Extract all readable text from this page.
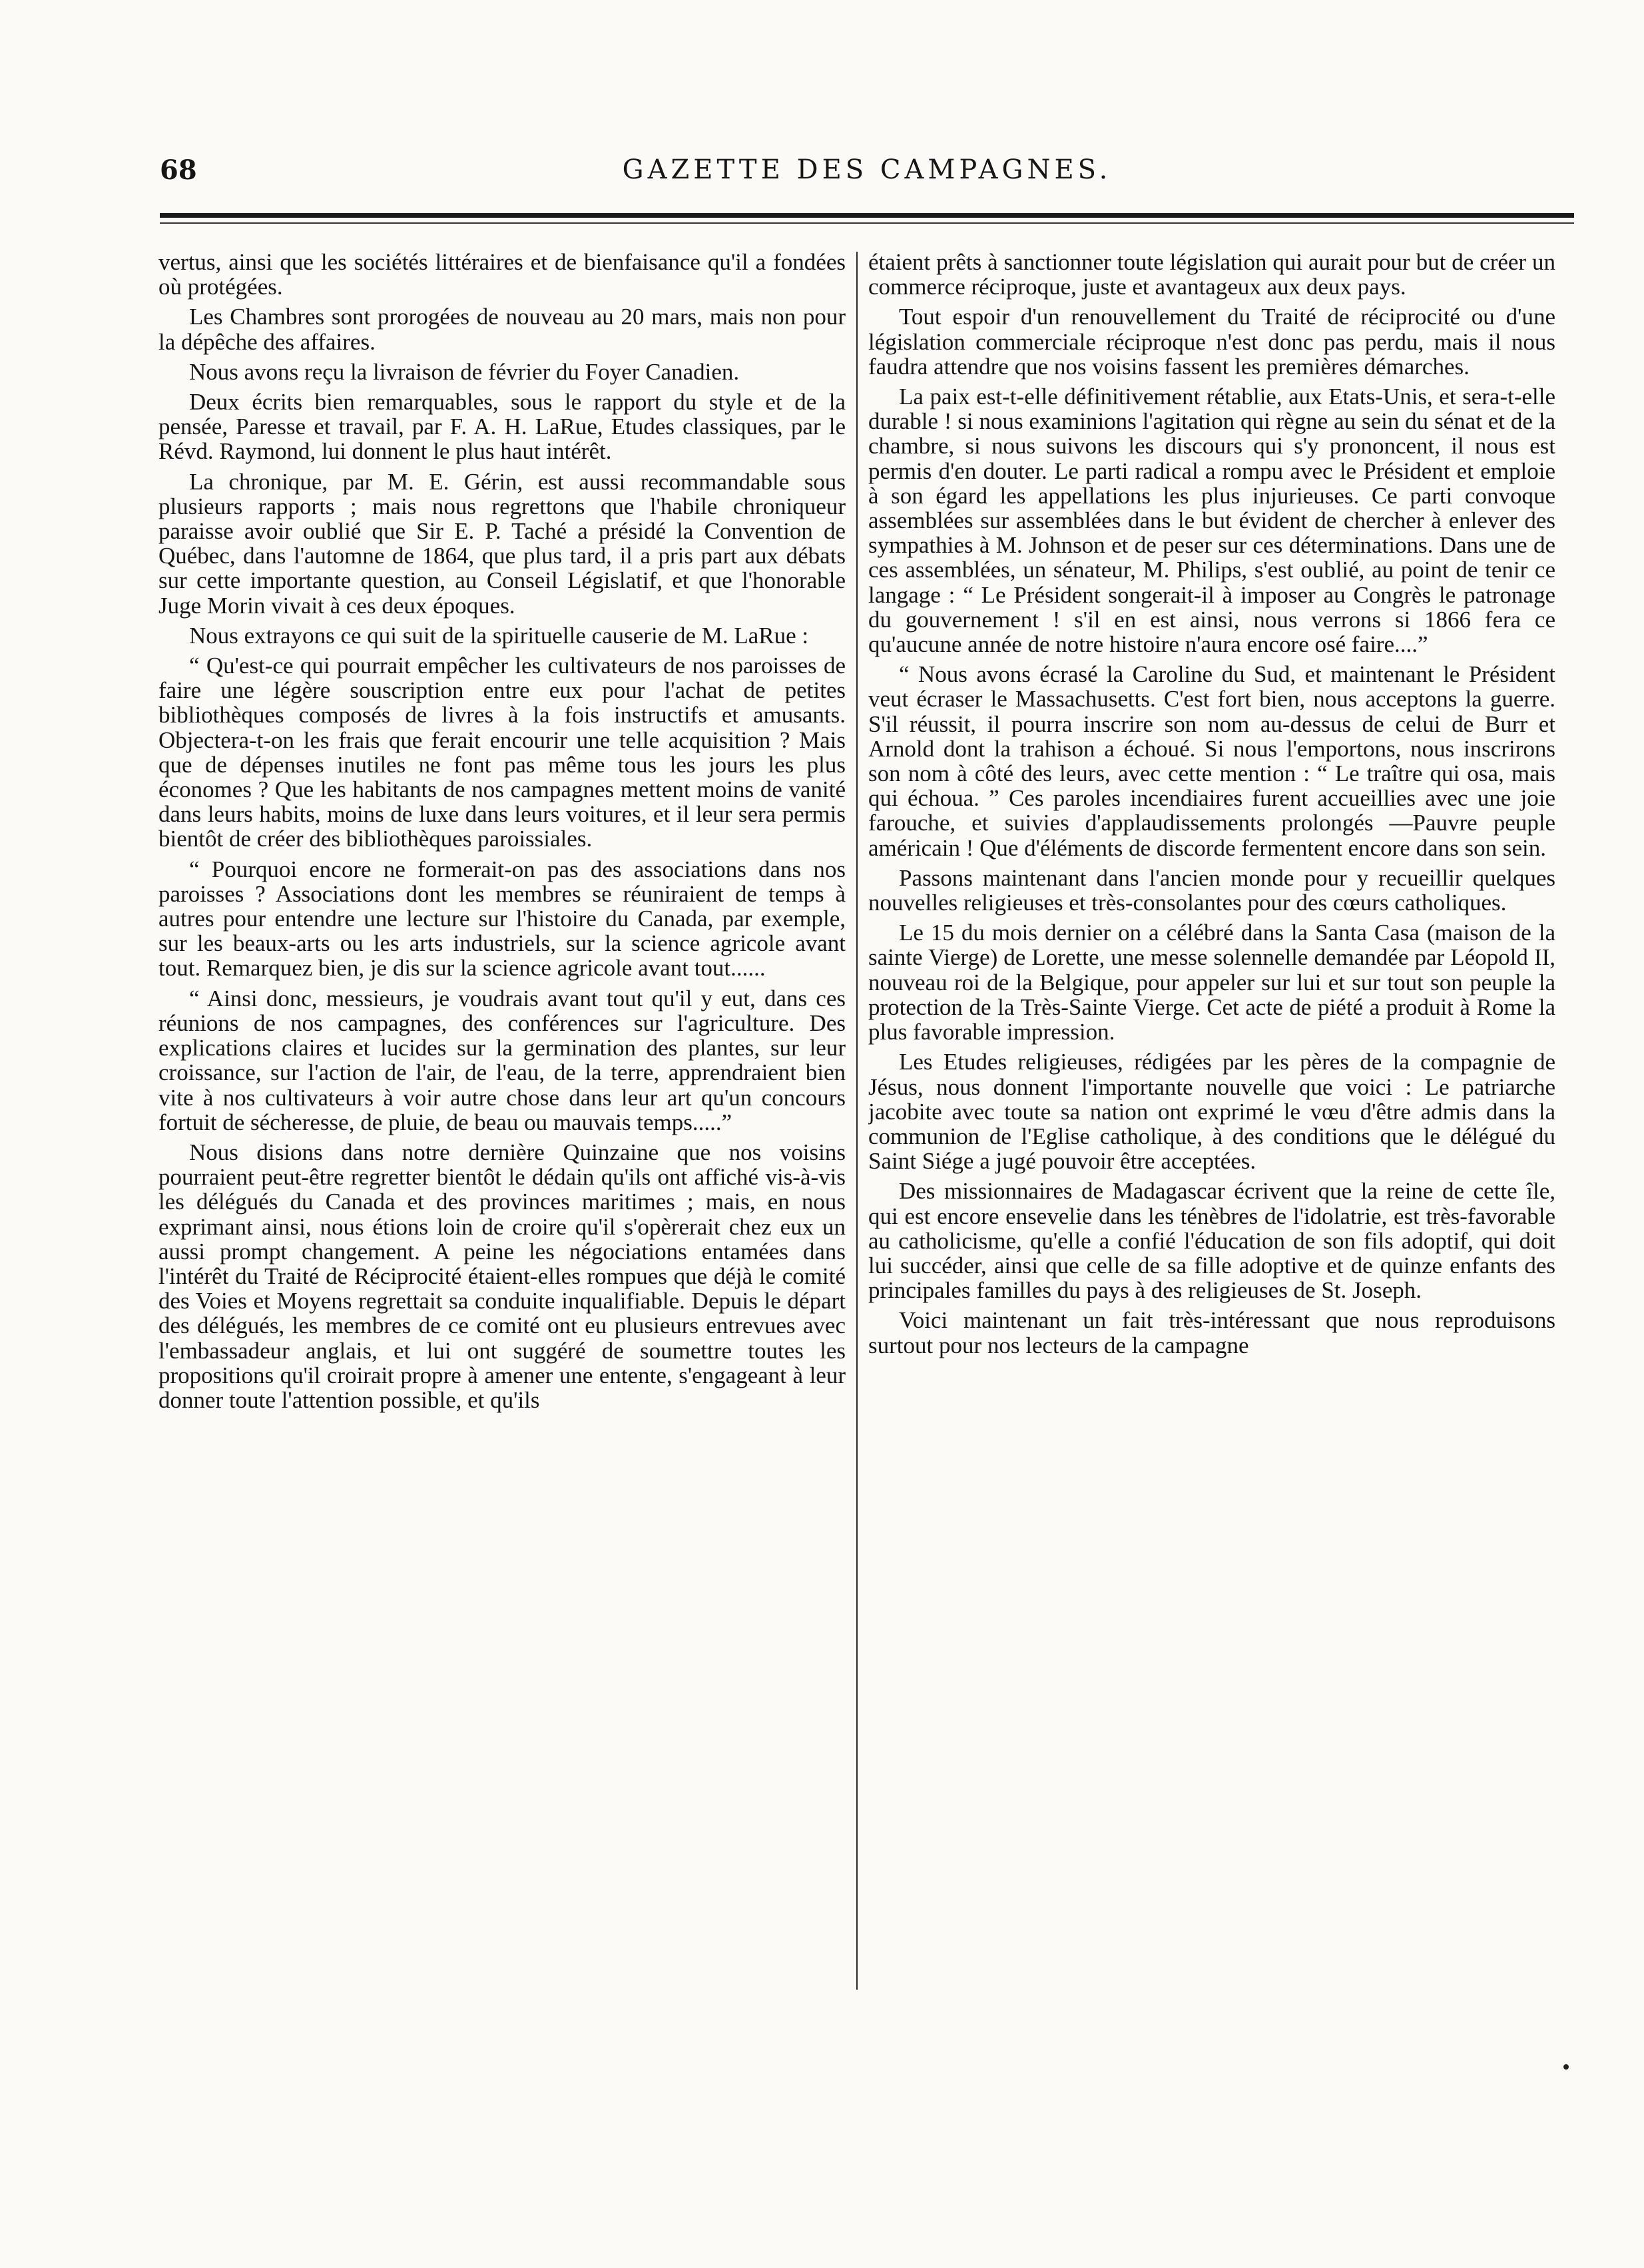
68	GAZETTE DES CAMPAGNES.

vertus, ainsi que les sociétés littéraires et de bienfaisance qu'il a fondées où protégées.

Les Chambres sont prorogées de nouveau au 20 mars, mais non pour la dépêche des affaires.

Nous avons reçu la livraison de février du Foyer Canadien.

Deux écrits bien remarquables, sous le rapport du style et de la pensée, Paresse et travail, par F. A. H. LaRue, Etudes classiques, par le Révd. Raymond, lui donnent le plus haut intérêt.

La chronique, par M. E. Gérin, est aussi recommandable sous plusieurs rapports ; mais nous regrettons que l'habile chroniqueur paraisse avoir oublié que Sir E. P. Taché a présidé la Convention de Québec, dans l'automne de 1864, que plus tard, il a pris part aux débats sur cette importante question, au Conseil Législatif, et que l'honorable Juge Morin vivait à ces deux époques.

Nous extrayons ce qui suit de la spirituelle causerie de M. LaRue :

“ Qu'est-ce qui pourrait empêcher les cultivateurs de nos paroisses de faire une légère souscription entre eux pour l'achat de petites bibliothèques composés de livres à la fois instructifs et amusants. Objectera-t-on les frais que ferait encourir une telle acquisition ? Mais que de dépenses inutiles ne font pas même tous les jours les plus économes ? Que les habitants de nos campagnes mettent moins de vanité dans leurs habits, moins de luxe dans leurs voitures, et il leur sera permis bientôt de créer des bibliothèques paroissiales.

“ Pourquoi encore ne formerait-on pas des associations dans nos paroisses ? Associations dont les membres se réuniraient de temps à autres pour entendre une lecture sur l'histoire du Canada, par exemple, sur les beaux-arts ou les arts industriels, sur la science agricole avant tout. Remarquez bien, je dis sur la science agricole avant tout......

“ Ainsi donc, messieurs, je voudrais avant tout qu'il y eut, dans ces réunions de nos campagnes, des conférences sur l'agriculture. Des explications claires et lucides sur la germination des plantes, sur leur croissance, sur l'action de l'air, de l'eau, de la terre, apprendraient bien vite à nos cultivateurs à voir autre chose dans leur art qu'un concours fortuit de sécheresse, de pluie, de beau ou mauvais temps.....”

Nous disions dans notre dernière Quinzaine que nos voisins pourraient peut-être regretter bientôt le dédain qu'ils ont affiché vis-à-vis les délégués du Canada et des provinces maritimes ; mais, en nous exprimant ainsi, nous étions loin de croire qu'il s'opèrerait chez eux un aussi prompt changement. A peine les négociations entamées dans l'intérêt du Traité de Réciprocité étaient-elles rompues que déjà le comité des Voies et Moyens regrettait sa conduite inqualifiable. Depuis le départ des délégués, les membres de ce comité ont eu plusieurs entrevues avec l'embassadeur anglais, et lui ont suggéré de soumettre toutes les propositions qu'il croirait propre à amener une entente, s'engageant à leur donner toute l'attention possible, et qu'ils

étaient prêts à sanctionner toute législation qui aurait pour but de créer un commerce réciproque, juste et avantageux aux deux pays.

Tout espoir d'un renouvellement du Traité de réciprocité ou d'une législation commerciale réciproque n'est donc pas perdu, mais il nous faudra attendre que nos voisins fassent les premières démarches.

La paix est-t-elle définitivement rétablie, aux Etats-Unis, et sera-t-elle durable ! si nous examinions l'agitation qui règne au sein du sénat et de la chambre, si nous suivons les discours qui s'y prononcent, il nous est permis d'en douter. Le parti radical a rompu avec le Président et emploie à son égard les appellations les plus injurieuses. Ce parti convoque assemblées sur assemblées dans le but évident de chercher à enlever des sympathies à M. Johnson et de peser sur ces déterminations. Dans une de ces assemblées, un sénateur, M. Philips, s'est oublié, au point de tenir ce langage : “ Le Président songerait-il à imposer au Congrès le patronage du gouvernement ! s'il en est ainsi, nous verrons si 1866 fera ce qu'aucune année de notre histoire n'aura encore osé faire....”

“ Nous avons écrasé la Caroline du Sud, et maintenant le Président veut écraser le Massachusetts. C'est fort bien, nous acceptons la guerre. S'il réussit, il pourra inscrire son nom au-dessus de celui de Burr et Arnold dont la trahison a échoué. Si nous l'emportons, nous inscrirons son nom à côté des leurs, avec cette mention : “ Le traître qui osa, mais qui échoua. ” Ces paroles incendiaires furent accueillies avec une joie farouche, et suivies d'applaudissements prolongés —Pauvre peuple américain ! Que d'éléments de discorde fermentent encore dans son sein.

Passons maintenant dans l'ancien monde pour y recueillir quelques nouvelles religieuses et très-consolantes pour des cœurs catholiques.

Le 15 du mois dernier on a célébré dans la Santa Casa (maison de la sainte Vierge) de Lorette, une messe solennelle demandée par Léopold II, nouveau roi de la Belgique, pour appeler sur lui et sur tout son peuple la protection de la Très-Sainte Vierge. Cet acte de piété a produit à Rome la plus favorable impression.

Les Etudes religieuses, rédigées par les pères de la compagnie de Jésus, nous donnent l'importante nouvelle que voici : Le patriarche jacobite avec toute sa nation ont exprimé le vœu d'être admis dans la communion de l'Eglise catholique, à des conditions que le délégué du Saint Siége a jugé pouvoir être acceptées.

Des missionnaires de Madagascar écrivent que la reine de cette île, qui est encore ensevelie dans les ténèbres de l'idolatrie, est très-favorable au catholicisme, qu'elle a confié l'éducation de son fils adoptif, qui doit lui succéder, ainsi que celle de sa fille adoptive et de quinze enfants des principales familles du pays à des religieuses de St. Joseph.

Voici maintenant un fait très-intéressant que nous reproduisons surtout pour nos lecteurs de la campagne
